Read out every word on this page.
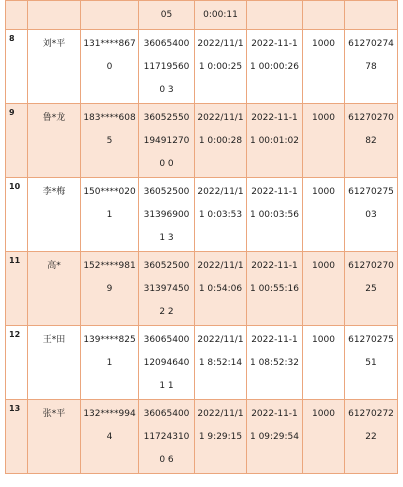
			05	0:00:11			
8	刘*平	131****8670	36065400117195600 3	2022/11/1 1 0:00:25	2022-11-1 1 00:00:26	1000	6127027478
9	鲁*龙	183****6085	36052550194912700 0	2022/11/1 1 0:00:28	2022-11-1 1 00:01:02	1000	6127027082
10	李*梅	150****0201	36052500313969001 3	2022/11/1 1 0:03:53	2022-11-1 1 00:03:56	1000	6127027503
11	高*	152****9819	36052500313974502 2	2022/11/1 1 0:54:06	2022-11-1 1 00:55:16	1000	6127027025
12	王*田	139****8251	36065400120946401 1	2022/11/1 1 8:52:14	2022-11-1 1 08:52:32	1000	6127027551
13	张*平	132****9944	36065400117243100 6	2022/11/1 1 9:29:15	2022-11-1 1 09:29:54	1000	6127027222
